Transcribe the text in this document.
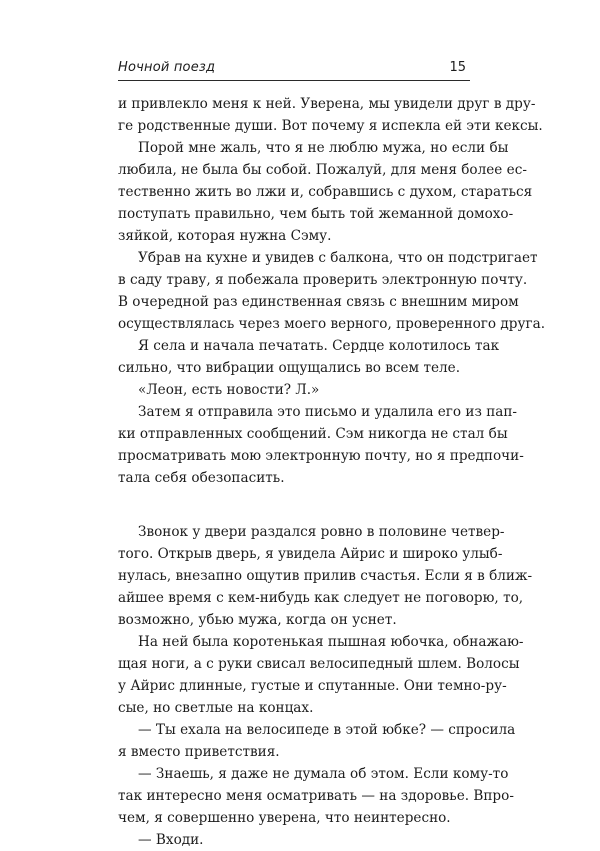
Ночной поезд	15
и привлекло меня к ней. Уверена, мы увидели друг в дру-
ге родственные души. Вот почему я испекла ей эти кексы.
Порой мне жаль, что я не люблю мужа, но если бы
любила, не была бы собой. Пожалуй, для меня более ес-
тественно жить во лжи и, собравшись с духом, стараться
поступать правильно, чем быть той жеманной домохо-
зяйкой, которая нужна Сэму.
Убрав на кухне и увидев с балкона, что он подстригает
в саду траву, я побежала проверить электронную почту.
В очередной раз единственная связь с внешним миром
осуществлялась через моего верного, проверенного друга.
Я села и начала печатать. Сердце колотилось так
сильно, что вибрации ощущались во всем теле.
«Леон, есть новости? Л.»
Затем я отправила это письмо и удалила его из пап-
ки отправленных сообщений. Сэм никогда не стал бы
просматривать мою электронную почту, но я предпочи-
тала себя обезопасить.
Звонок у двери раздался ровно в половине четвер-
того. Открыв дверь, я увидела Айрис и широко улыб-
нулась, внезапно ощутив прилив счастья. Если я в ближ-
айшее время с кем-нибудь как следует не поговорю, то,
возможно, убью мужа, когда он уснет.
На ней была коротенькая пышная юбочка, обнажаю-
щая ноги, а с руки свисал велосипедный шлем. Волосы
у Айрис длинные, густые и спутанные. Они темно-ру-
сые, но светлые на концах.
— Ты ехала на велосипеде в этой юбке? — спросила
я вместо приветствия.
— Знаешь, я даже не думала об этом. Если кому-то
так интересно меня осматривать — на здоровье. Впро-
чем, я совершенно уверена, что неинтересно.
— Входи.
